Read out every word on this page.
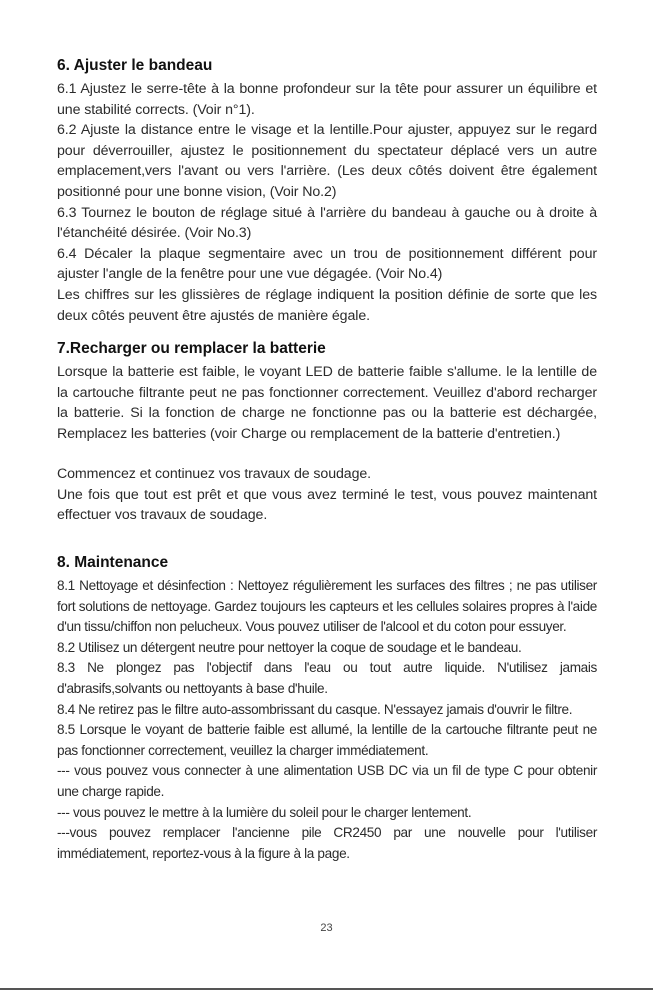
6. Ajuster le bandeau

6.1 Ajustez le serre-tête à la bonne profondeur sur la tête pour assurer un équilibre et une stabilité corrects. (Voir n°1).

6.2 Ajuste la distance entre le visage et la lentille.Pour ajuster, appuyez sur le regard pour déverrouiller, ajustez le positionnement du spectateur déplacé vers un autre emplacement,vers l'avant ou vers l'arrière. (Les deux côtés doivent être également positionné pour une bonne vision, (Voir No.2)

6.3 Tournez le bouton de réglage situé à l'arrière du bandeau à gauche ou à droite à l'étanchéité désirée. (Voir No.3)

6.4 Décaler la plaque segmentaire avec un trou de positionnement différent pour ajuster l'angle de la fenêtre pour une vue dégagée. (Voir No.4)

Les chiffres sur les glissières de réglage indiquent la position définie de sorte que les deux côtés peuvent être ajustés de manière égale.

7.Recharger ou remplacer la batterie

Lorsque la batterie est faible, le voyant LED de batterie faible s'allume. le la lentille de la cartouche filtrante peut ne pas fonctionner correctement. Veuillez d'abord recharger la batterie. Si la fonction de charge ne fonctionne pas ou la batterie est déchargée, Remplacez les batteries (voir Charge ou remplacement de la batterie d'entretien.)

Commencez et continuez vos travaux de soudage.

Une fois que tout est prêt et que vous avez terminé le test, vous pouvez maintenant effectuer vos travaux de soudage.

8. Maintenance

8.1 Nettoyage et désinfection : Nettoyez régulièrement les surfaces des filtres ; ne pas utiliser fort solutions de nettoyage. Gardez toujours les capteurs et les cellules solaires propres à l'aide d'un tissu/chiffon non pelucheux. Vous pouvez utiliser de l'alcool et du coton pour essuyer.

8.2 Utilisez un détergent neutre pour nettoyer la coque de soudage et le bandeau.

8.3 Ne plongez pas l'objectif dans l'eau ou tout autre liquide. N'utilisez jamais d'abrasifs,solvants ou nettoyants à base d'huile.

8.4 Ne retirez pas le filtre auto-assombrissant du casque. N'essayez jamais d'ouvrir le filtre.

8.5 Lorsque le voyant de batterie faible est allumé, la lentille de la cartouche filtrante peut ne pas fonctionner correctement, veuillez la charger immédiatement.

--- vous pouvez vous connecter à une alimentation USB DC via un fil de type C pour obtenir une charge rapide.

--- vous pouvez le mettre à la lumière du soleil pour le charger lentement.

---vous pouvez remplacer l'ancienne pile CR2450 par une nouvelle pour l'utiliser immédiatement, reportez-vous à la figure à la page.

23
